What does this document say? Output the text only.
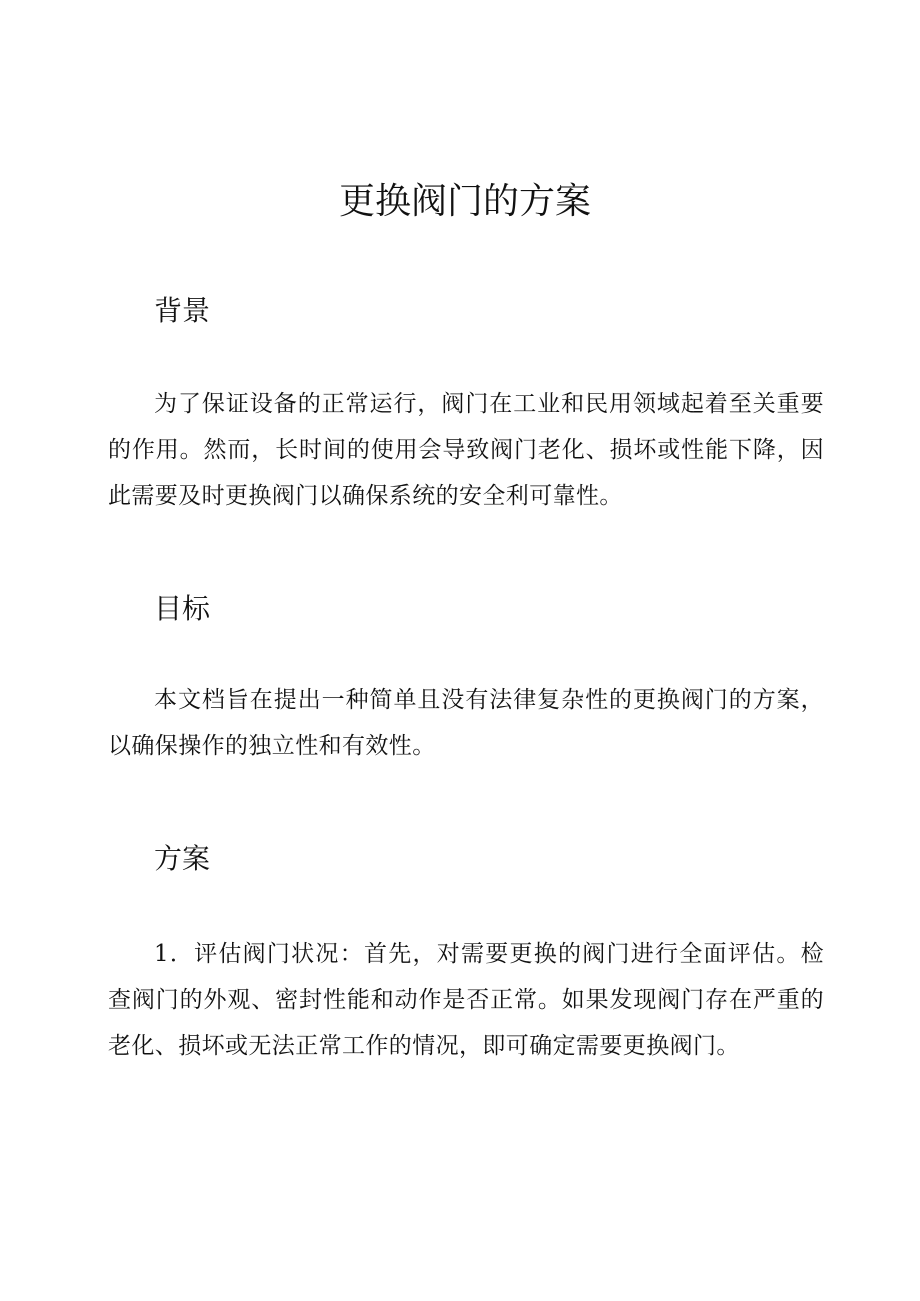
更换阀门的方案
背景

为了保证设备的正常运行，阀门在工业和民用领域起着至关重要的作用。然而，长时间的使用会导致阀门老化、损坏或性能下降，因此需要及时更换阀门以确保系统的安全利可靠性。

目标

本文档旨在提出一种简单且没有法律复杂性的更换阀门的方案，以确保操作的独立性和有效性。

方案

1．评估阀门状况：首先，对需要更换的阀门进行全面评估。检查阀门的外观、密封性能和动作是否正常。如果发现阀门存在严重的老化、损坏或无法正常工作的情况，即可确定需要更换阀门。
